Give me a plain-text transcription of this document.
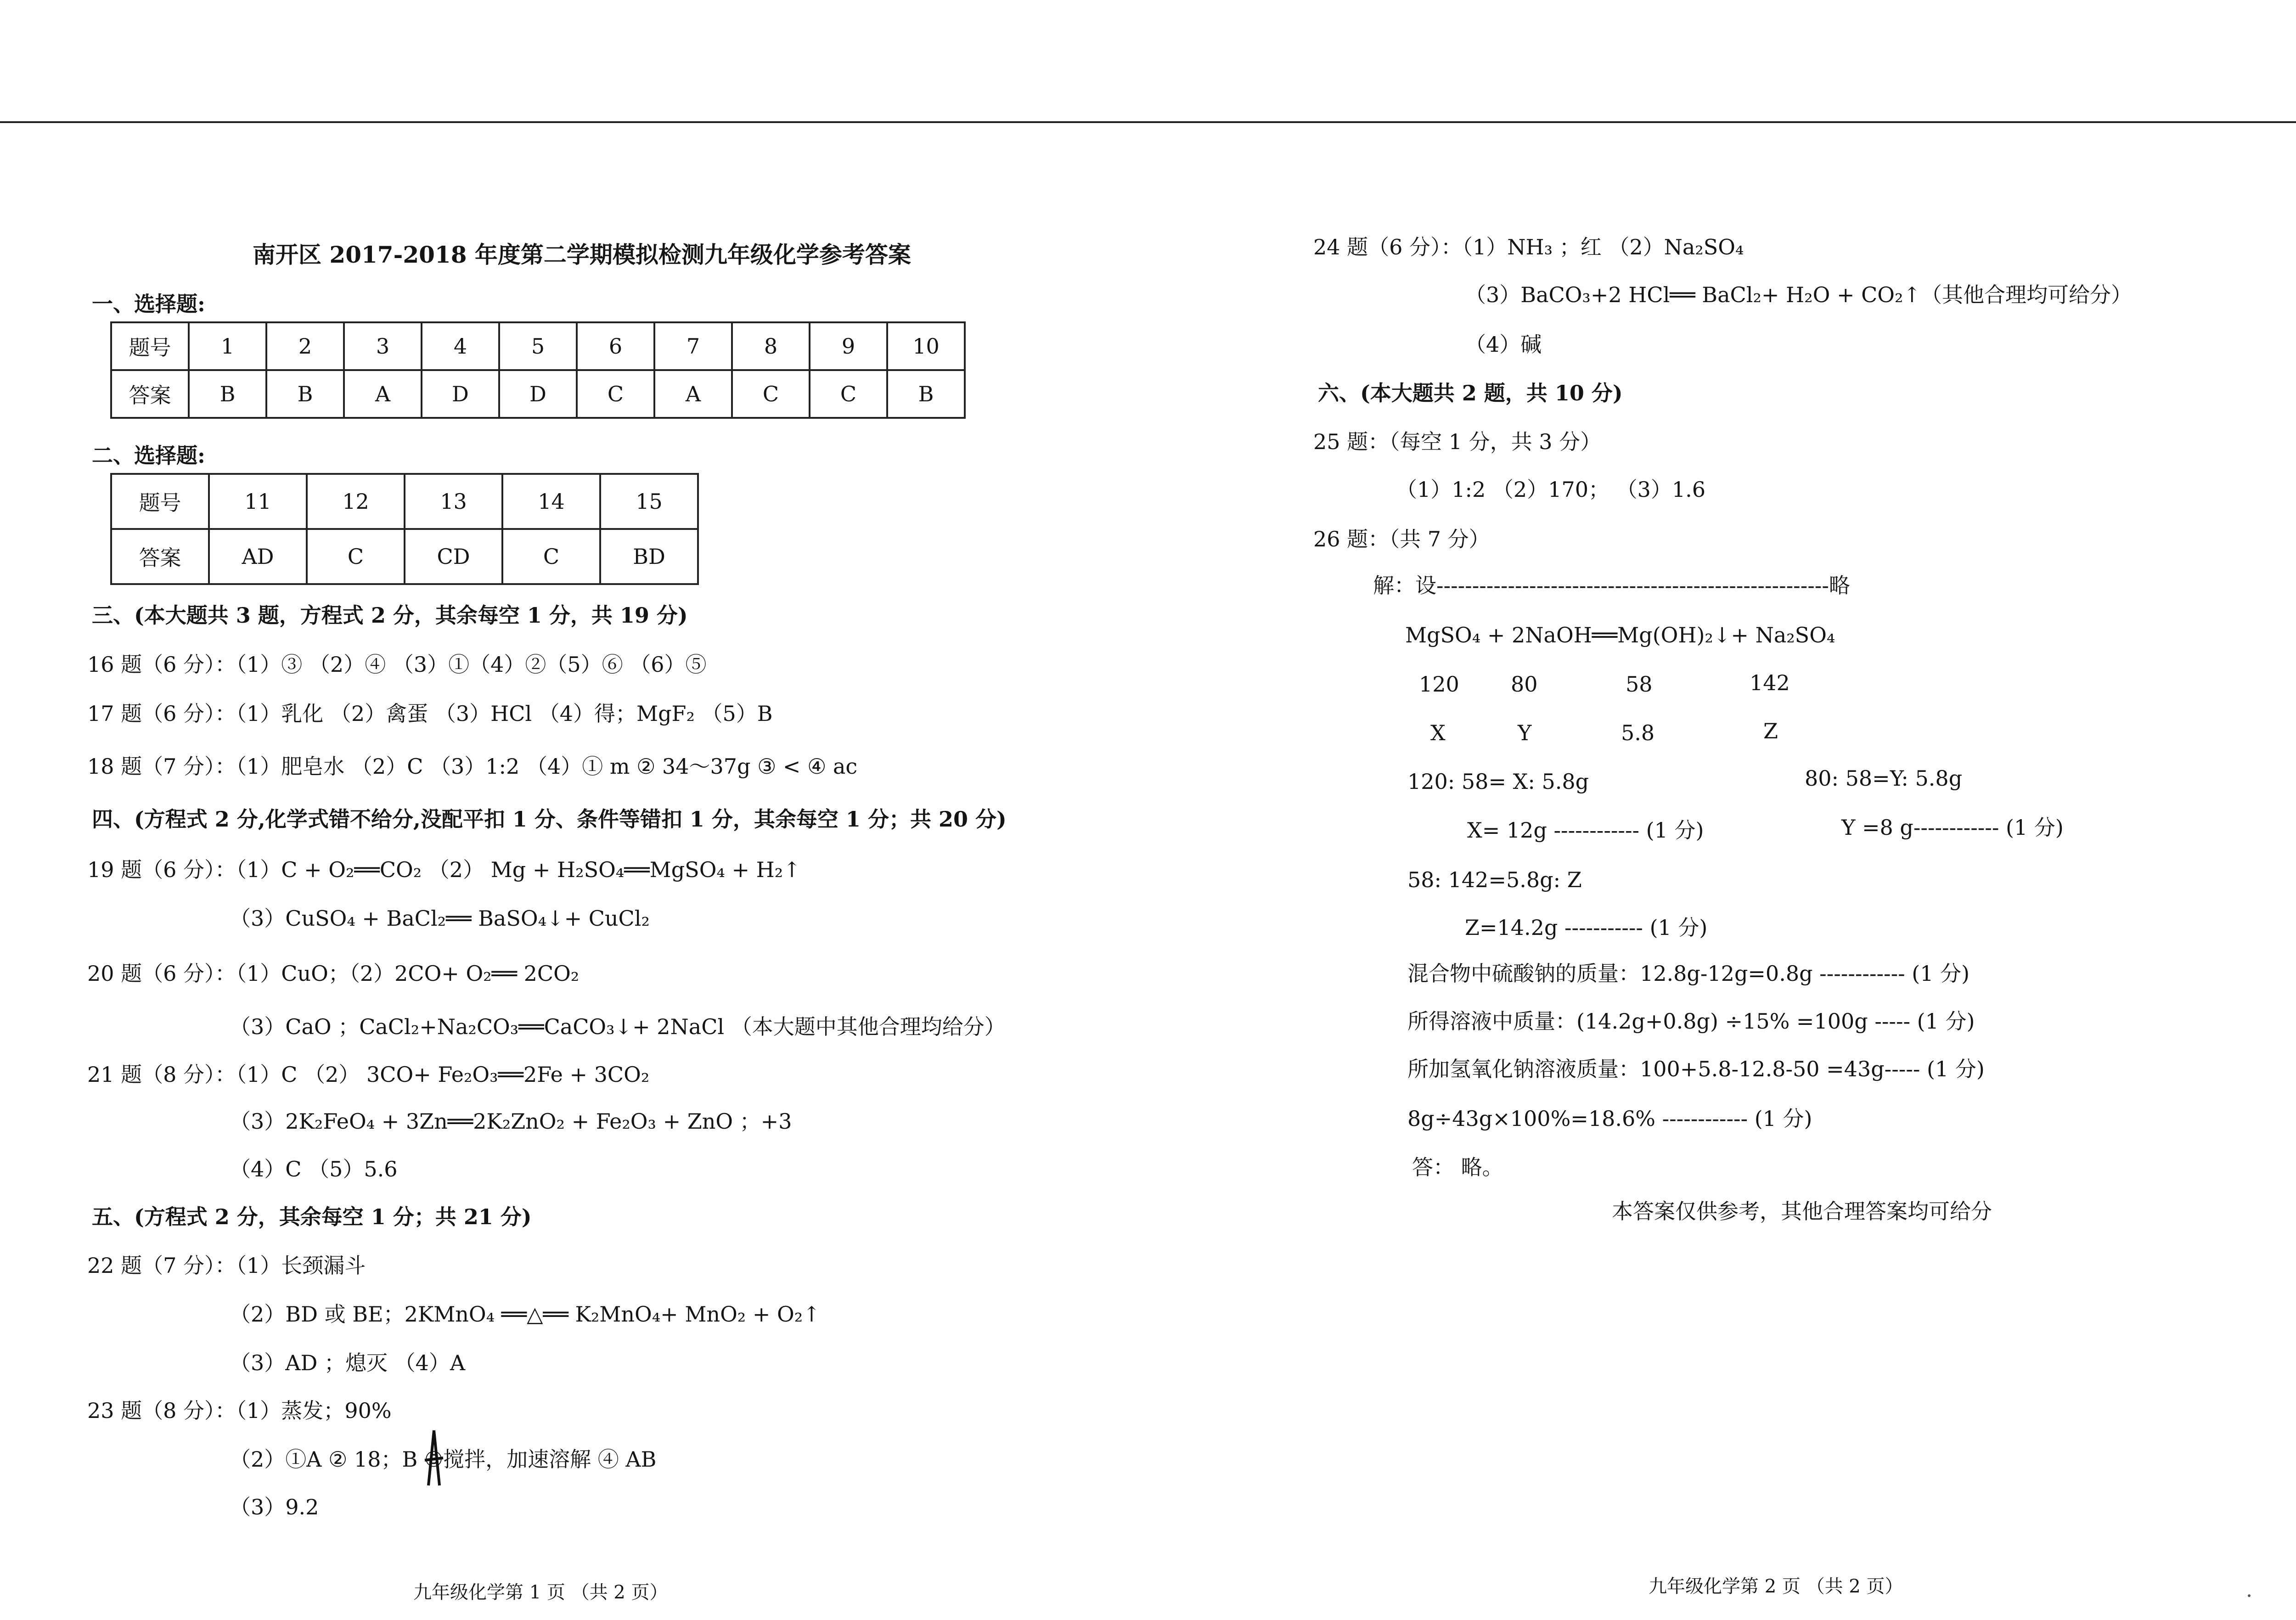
南开区 2017-2018 年度第二学期模拟检测九年级化学参考答案
一、选择题:
题号	1	2	3	4	5	6	7	8	9	10
答案	B	B	A	D	D	C	A	C	C	B
二、选择题:
题号	11	12	13	14	15
答案	AD	C	CD	C	BD
三、(本大题共 3 题，方程式 2 分，其余每空 1 分，共 19 分)
16 题（6 分）：（1）③ （2）④ （3）①（4）②（5）⑥ （6）⑤
17 题（6 分）：（1）乳化 （2）禽蛋 （3）HCl （4）得；MgF₂ （5）B
18 题（7 分）：（1）肥皂水 （2）C （3）1:2 （4）① m ② 34～37g ③ < ④ ac
四、(方程式 2 分,化学式错不给分,没配平扣 1 分、条件等错扣 1 分，其余每空 1 分；共 20 分)
19 题（6 分）：（1）C + O₂══CO₂ （2） Mg + H₂SO₄══MgSO₄ + H₂↑
（3）CuSO₄ + BaCl₂══ BaSO₄↓+ CuCl₂
20 题（6 分）：（1）CuO；（2）2CO+ O₂══ 2CO₂
（3）CaO ；CaCl₂+Na₂CO₃══CaCO₃↓+ 2NaCl （本大题中其他合理均给分）
21 题（8 分）：（1）C （2） 3CO+ Fe₂O₃══2Fe + 3CO₂
（3）2K₂FeO₄ + 3Zn══2K₂ZnO₂ + Fe₂O₃ + ZnO ；+3
（4）C （5）5.6
五、(方程式 2 分，其余每空 1 分；共 21 分)
22 题（7 分）：（1）长颈漏斗
（2）BD 或 BE；2KMnO₄ ══△══ K₂MnO₄+ MnO₂ + O₂↑
（3）AD ；熄灭 （4）A
23 题（8 分）：（1）蒸发；90%
（2）①A ② 18；B ③搅拌，加速溶解 ④ AB
（3）9.2
九年级化学第 1 页 （共 2 页）
24 题（6 分）：（1）NH₃ ；红 （2）Na₂SO₄
（3）BaCO₃+2 HCl══ BaCl₂+ H₂O + CO₂↑（其他合理均可给分）
（4）碱
六、(本大题共 2 题，共 10 分)
25 题：（每空 1 分，共 3 分）
（1）1:2 （2）170； （3）1.6
26 题：（共 7 分）
解：设-------------------------------------------------------略
MgSO₄ + 2NaOH══Mg(OH)₂↓+ Na₂SO₄
120 80	58	142
X	Y	5.8	Z
120: 58= X: 5.8g	80: 58=Y: 5.8g
X= 12g ------------ (1 分)	Y =8 g------------ (1 分)
58: 142=5.8g: Z
Z=14.2g ----------- (1 分)
混合物中硫酸钠的质量：12.8g-12g=0.8g ------------ (1 分)
所得溶液中质量：(14.2g+0.8g) ÷15% =100g ----- (1 分)
所加氢氧化钠溶液质量：100+5.8-12.8-50 =43g----- (1 分)
8g÷43g×100%=18.6% ------------ (1 分)
答： 略。
本答案仅供参考，其他合理答案均可给分
九年级化学第 2 页 （共 2 页）
